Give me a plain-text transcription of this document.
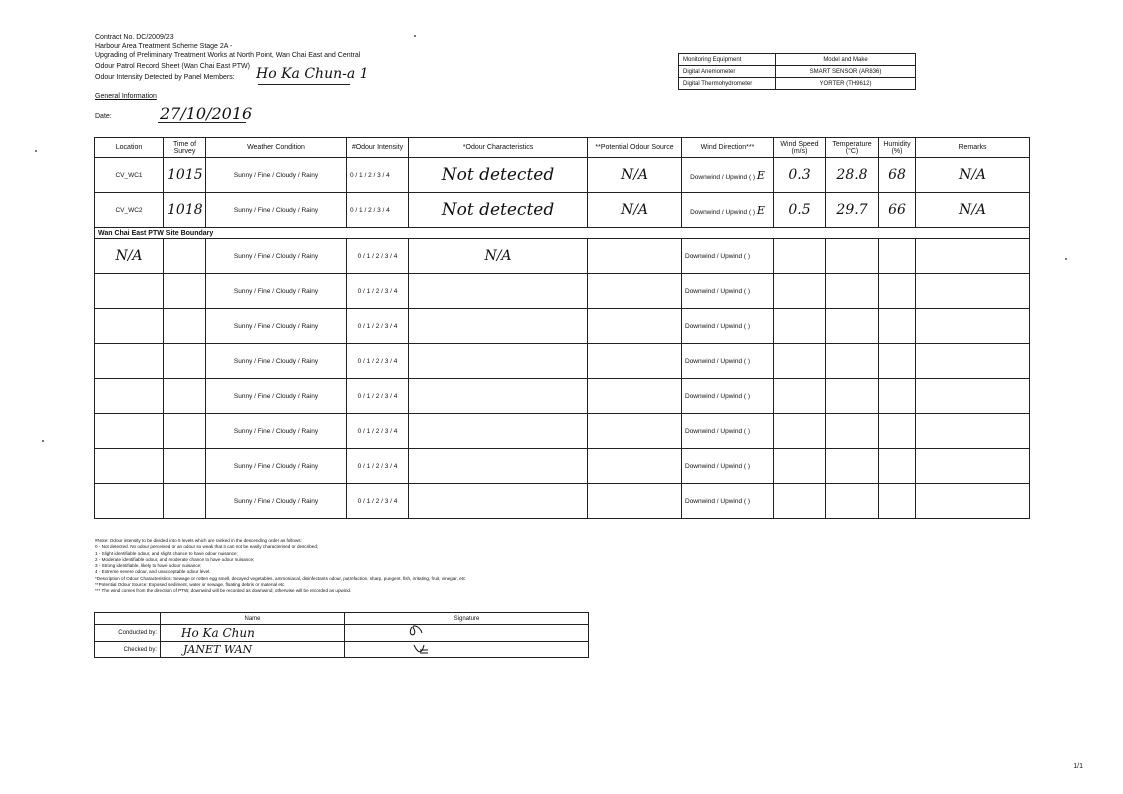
Contract No. DC/2009/23
Harbour Area Treatment Scheme Stage 2A -
Upgrading of Preliminary Treatment Works at North Point, Wan Chai East and Central
Odour Patrol Record Sheet (Wan Chai East PTW)
Odour Intensity Detected by Panel Members: Ho Ka Chun-a 1
General Information
Date:	27/10/2016
Monitoring Equipment	Model and Make
Digital Anemometer	SMART SENSOR (AR836)
Digital Thermohydrometer	YORTER (TH9612)
Location	Time of Survey	Weather Condition	#Odour Intensity	*Odour Characteristics	**Potential Odour Source	Wind Direction***	Wind Speed (m/s)	Temperature (°C)	Humidity (%)	Remarks
CV_WC1	1015	Sunny / Fine / Cloudy / Rainy	0 / 1 / 2 / 3 / 4	Not detected	N/A	Downwind / Upwind ( ) E	0.3	28.8	68	N/A
CV_WC2	1018	Sunny / Fine / Cloudy / Rainy	0 / 1 / 2 / 3 / 4	Not detected	N/A	Downwind / Upwind ( ) E	0.5	29.7	66	N/A
Wan Chai East PTW Site Boundary										
N/A		Sunny / Fine / Cloudy / Rainy	0 / 1 / 2 / 3 / 4	N/A		Downwind / Upwind ( )				
		Sunny / Fine / Cloudy / Rainy	0 / 1 / 2 / 3 / 4			Downwind / Upwind ( )				
		Sunny / Fine / Cloudy / Rainy	0 / 1 / 2 / 3 / 4			Downwind / Upwind ( )				
		Sunny / Fine / Cloudy / Rainy	0 / 1 / 2 / 3 / 4			Downwind / Upwind ( )				
		Sunny / Fine / Cloudy / Rainy	0 / 1 / 2 / 3 / 4			Downwind / Upwind ( )				
		Sunny / Fine / Cloudy / Rainy	0 / 1 / 2 / 3 / 4			Downwind / Upwind ( )				
		Sunny / Fine / Cloudy / Rainy	0 / 1 / 2 / 3 / 4			Downwind / Upwind ( )				
		Sunny / Fine / Cloudy / Rainy	0 / 1 / 2 / 3 / 4			Downwind / Upwind ( )				
#Note: Odour intensity to be divided into 5 levels which are ranked in the descending order as follows:
0 - Not detected. No odour perceived or an odour so weak that it can not be easily characterised or described;
1 - Slight identifiable odour, and slight chance to have odour nuisance;
2 - Moderate identifiable odour, and moderate chance to have odour nuisance;
3 - Strong identifiable, likely to have odour nuisance;
4 - Extreme severe odour, and unacceptable odour level.
*Description of Odour Characteristics: Sewage or rotten egg smell, decayed vegetables, ammoniacal, disinfectants odour, putrefaction, sharp, pungent, fish, irritating, fruit, vinegar, etc
**Potential Odour Source: Exposed sediment, water or sewage, floating debris or material etc
*** The wind comes from the direction of PTW, downwind will be recorded as downwind, otherwise will be recorded as upwind.
	Name	Signature
Conducted by:	Ho Ka Chun	
Checked by:	JANET WAN	
1/1
